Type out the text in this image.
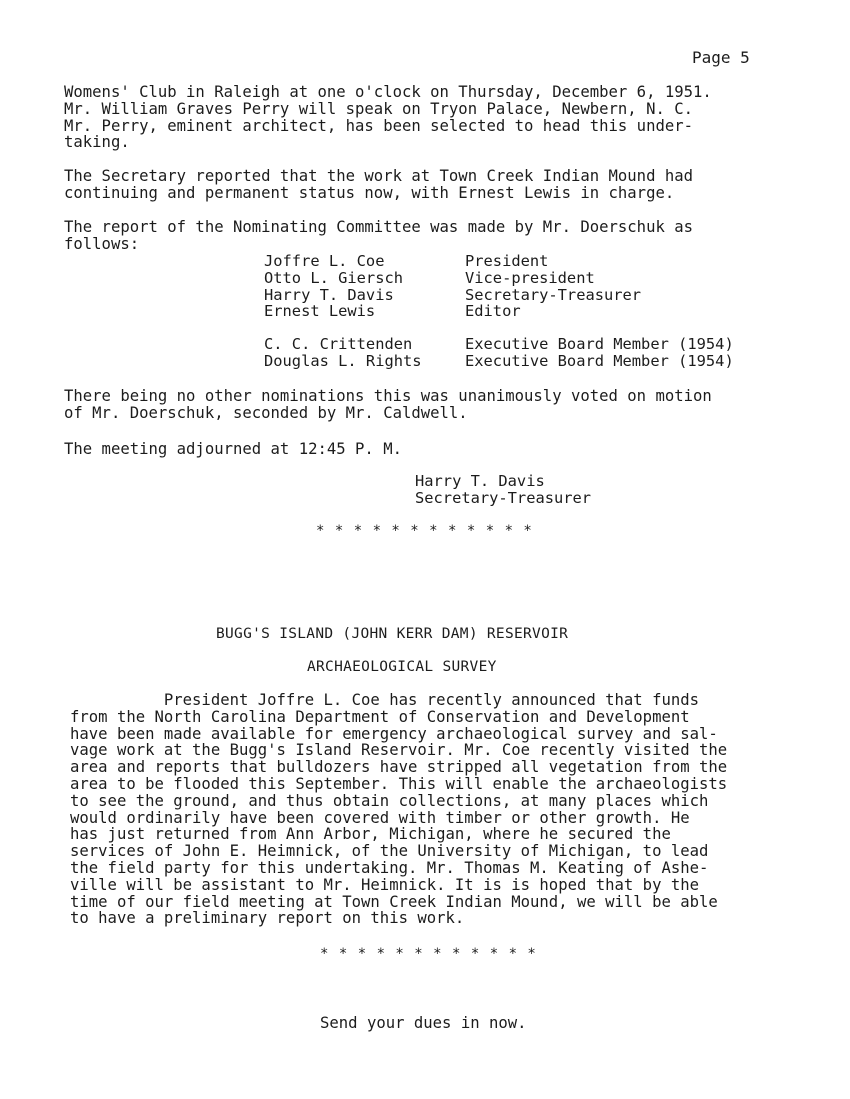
Page 5
Womens' Club in Raleigh at one o'clock on Thursday, December 6, 1951.
Mr. William Graves Perry will speak on Tryon Palace, Newbern, N. C.
Mr. Perry, eminent architect, has been selected to head this under-
taking.
The Secretary reported that the work at Town Creek Indian Mound had
continuing and permanent status now, with Ernest Lewis in charge.
The report of the Nominating Committee was made by Mr. Doerschuk as
follows:
Joffre L. Coe	President
Otto L. Giersch	Vice-president
Harry T. Davis	Secretary-Treasurer
Ernest Lewis	Editor
C. C. Crittenden	Executive Board Member (1954)
Douglas L. Rights	Executive Board Member (1954)
There being no other nominations this was unanimously voted on motion
of Mr. Doerschuk, seconded by Mr. Caldwell.
The meeting adjourned at 12:45 P. M.
Harry T. Davis
Secretary-Treasurer
* * * * * * * * * * * *
BUGG'S ISLAND (JOHN KERR DAM) RESERVOIR
ARCHAEOLOGICAL SURVEY
President Joffre L. Coe has recently announced that funds
from the North Carolina Department of Conservation and Development
have been made available for emergency archaeological survey and sal-
vage work at the Bugg's Island Reservoir. Mr. Coe recently visited the
area and reports that bulldozers have stripped all vegetation from the
area to be flooded this September. This will enable the archaeologists
to see the ground, and thus obtain collections, at many places which
would ordinarily have been covered with timber or other growth. He
has just returned from Ann Arbor, Michigan, where he secured the
services of John E. Heimnick, of the University of Michigan, to lead
the field party for this undertaking. Mr. Thomas M. Keating of Ashe-
ville will be assistant to Mr. Heimnick. It is is hoped that by the
time of our field meeting at Town Creek Indian Mound, we will be able
to have a preliminary report on this work.
* * * * * * * * * * * *
Send your dues in now.
